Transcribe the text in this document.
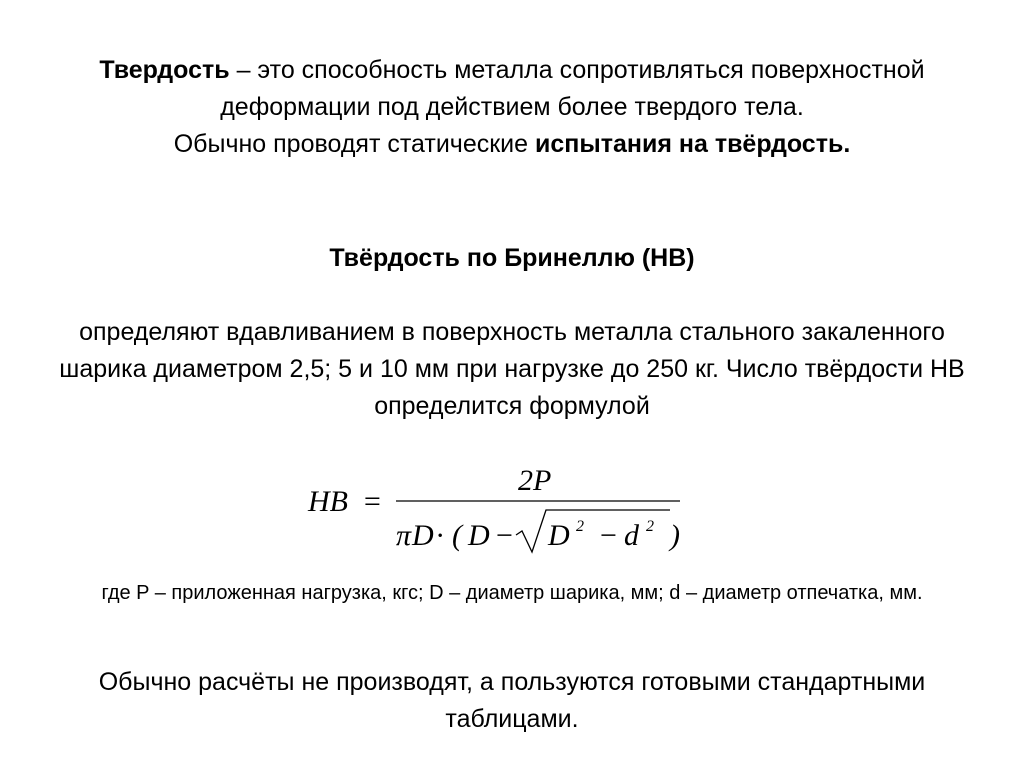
Твердость – это способность металла сопротивляться поверхностной деформации под действием более твердого тела.
Обычно проводят статические испытания на твёрдость.
Твёрдость по Бринеллю (HB)
определяют вдавливанием в поверхность металла стального закаленного шарика диаметром 2,5; 5 и 10 мм при нагрузке до 250 кг. Число твёрдости HB определится формулой
HB =
2P
π D · ( D − D 2 − d 2 )
где P – приложенная нагрузка, кгс; D – диаметр шарика, мм; d – диаметр отпечатка, мм.
Обычно расчёты не производят, а пользуются готовыми стандартными таблицами.
